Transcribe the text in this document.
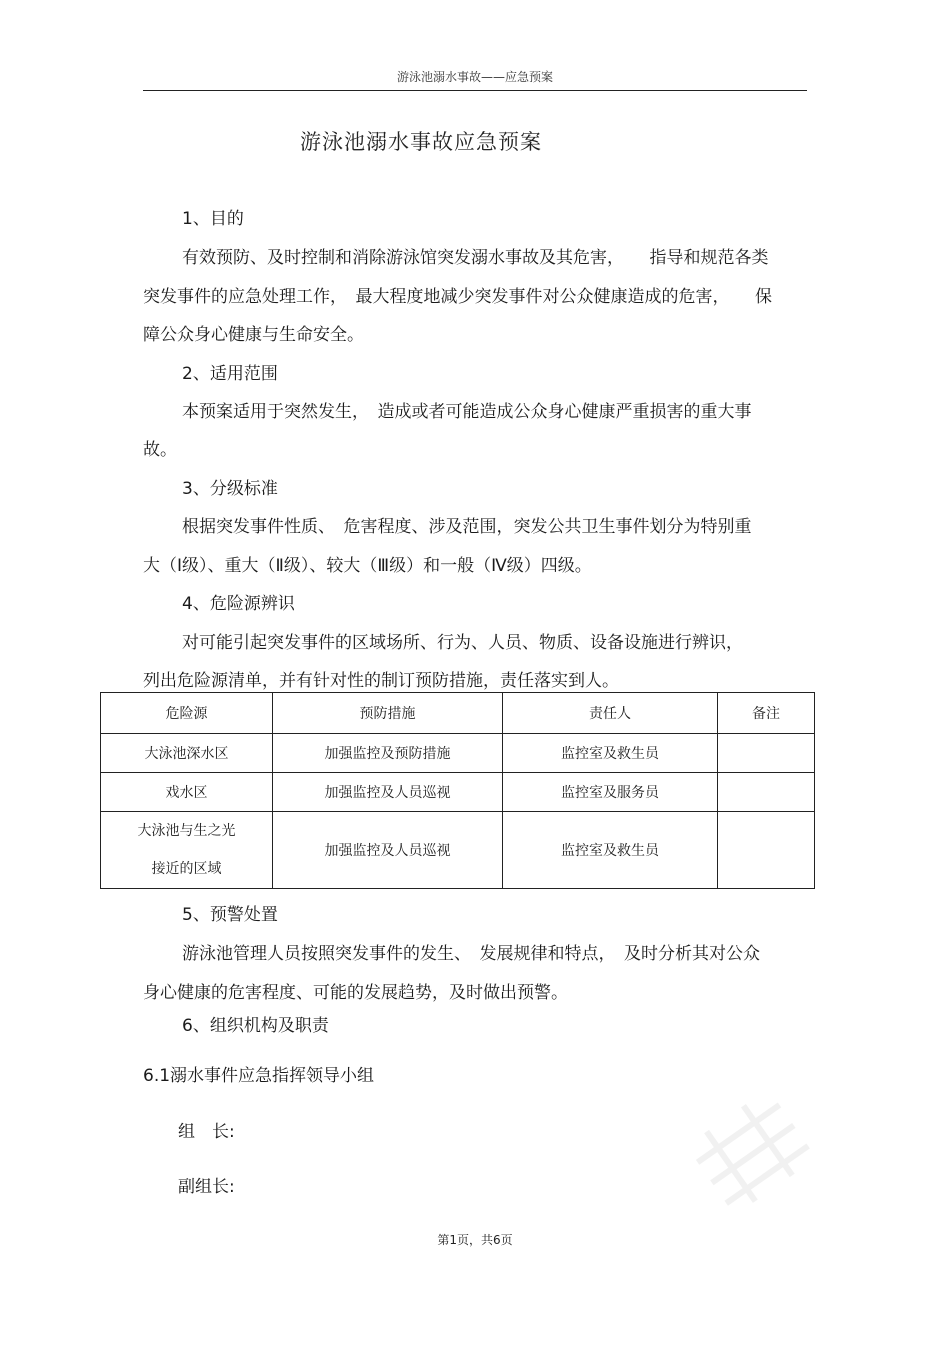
游泳池溺水事故——应急预案
游泳池溺水事故应急预案
1、目的
有效预防、及时控制和消除游泳馆突发溺水事故及其危害，　　指导和规范各类
突发事件的应急处理工作，　最大程度地减少突发事件对公众健康造成的危害，　　保
障公众身心健康与生命安全。
2、适用范围
本预案适用于突然发生，　造成或者可能造成公众身心健康严重损害的重大事
故。
3、分级标准
根据突发事件性质、　危害程度、涉及范围，突发公共卫生事件划分为特别重
大（Ⅰ级）、重大（Ⅱ级）、较大（Ⅲ级）和一般（Ⅳ级）四级。
4、危险源辨识
对可能引起突发事件的区域场所、行为、人员、物质、设备设施进行辨识，
列出危险源清单，并有针对性的制订预防措施，责任落实到人。
危险源	预防措施	责任人	备注
大泳池深水区	加强监控及预防措施	监控室及救生员	
戏水区	加强监控及人员巡视	监控室及服务员	

大泳池与生之光
接近的区域	加强监控及人员巡视	监控室及救生员	
5、预警处置
游泳池管理人员按照突发事件的发生、　发展规律和特点，　及时分析其对公众
身心健康的危害程度、可能的发展趋势，及时做出预警。
6、组织机构及职责
6.1溺水事件应急指挥领导小组
组　长:
副组长:
第1页，共6页
